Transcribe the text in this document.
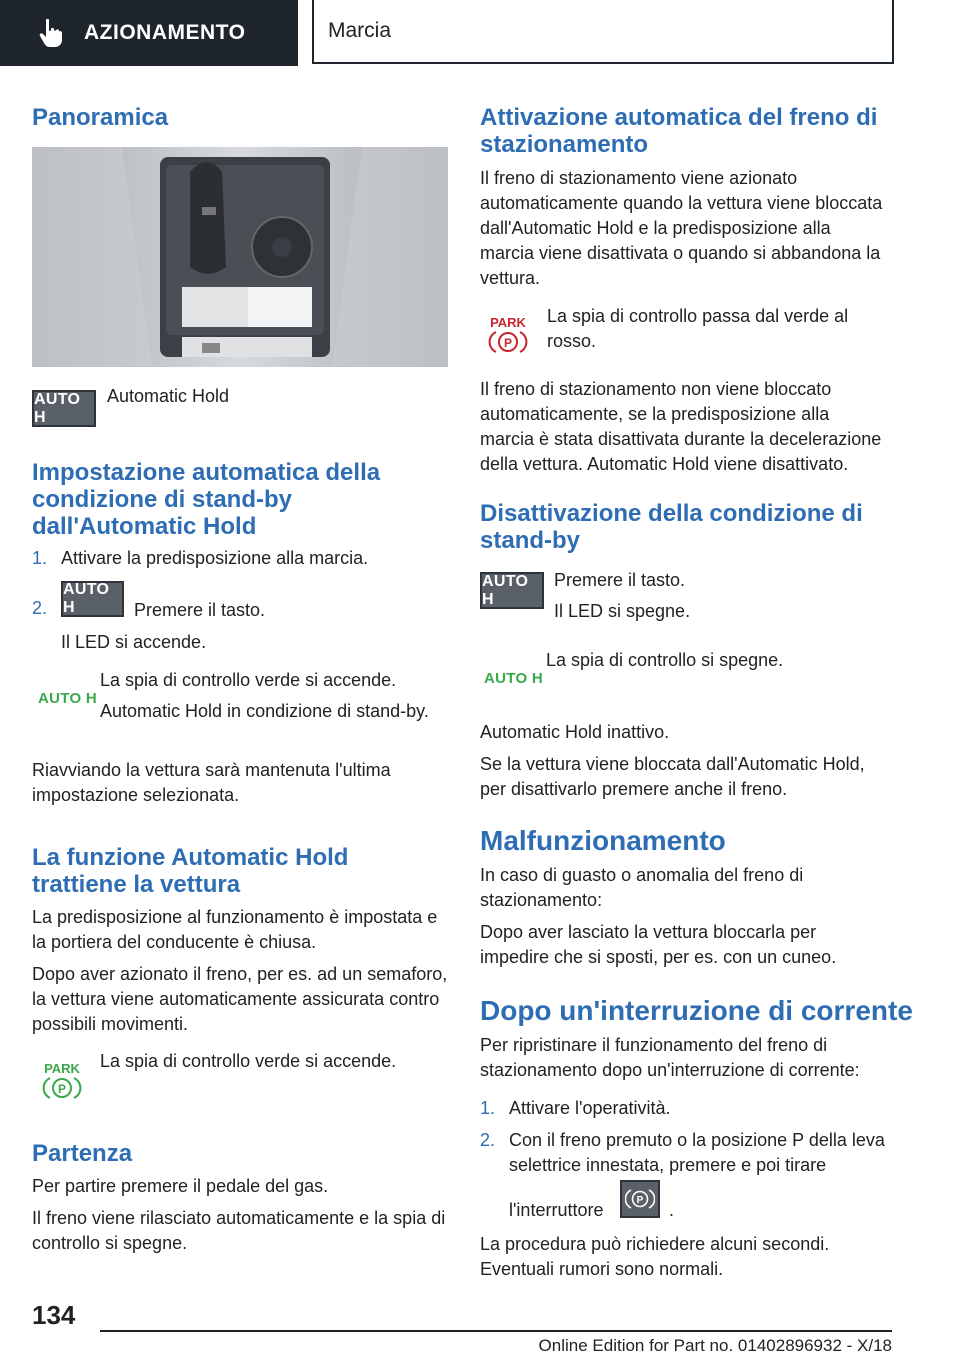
AZIONAMENTO	Marcia
Panoramica
AUTO H

Automatic Hold

Impostazione automatica della condizione di stand-by dall'Automatic Hold
1. Attivare la predisposizione alla marcia.

2.
AUTO H	Premere il tasto.

Il LED si accende.

AUTO H

La spia di controllo verde si accende.

Automatic Hold in condizione di stand-by.

Riavviando la vettura sarà mantenuta l'ultima impostazione selezionata.

La funzione Automatic Hold trattiene la vettura

La predisposizione al funzionamento è impostata e la portiera del conducente è chiusa.

Dopo aver azionato il freno, per es. ad un semaforo, la vettura viene automaticamente assicurata contro possibili movimenti.

PARK
P

La spia di controllo verde si accende.

Partenza

Per partire premere il pedale del gas.

Il freno viene rilasciato automaticamente e la spia di controllo si spegne.

Attivazione automatica del freno di stazionamento

Il freno di stazionamento viene azionato automaticamente quando la vettura viene bloccata dall'Automatic Hold e la predisposizione alla marcia viene disattivata o quando si abbandona la vettura.

PARK
P

La spia di controllo passa dal verde al rosso.

Il freno di stazionamento non viene bloccato automaticamente, se la predisposizione alla marcia è stata disattivata durante la decelerazione della vettura. Automatic Hold viene disattivato.

Disattivazione della condizione di stand-by
AUTO H

Premere il tasto.

Il LED si spegne.

AUTO H

La spia di controllo si spegne.

Automatic Hold inattivo.

Se la vettura viene bloccata dall'Automatic Hold, per disattivarlo premere anche il freno.

Malfunzionamento

In caso di guasto o anomalia del freno di stazionamento:

Dopo aver lasciato la vettura bloccarla per impedire che si sposti, per es. con un cuneo.

Dopo un'interruzione di corrente

Per ripristinare il funzionamento del freno di stazionamento dopo un'interruzione di corrente:

1. Attivare l'operatività.

2. Con il freno premuto o la posizione P della leva selettrice innestata, premere e poi tirare

l'interruttore	P .

La procedura può richiedere alcuni secondi.

Eventuali rumori sono normali.

134
Online Edition for Part no. 01402896932 - X/18
